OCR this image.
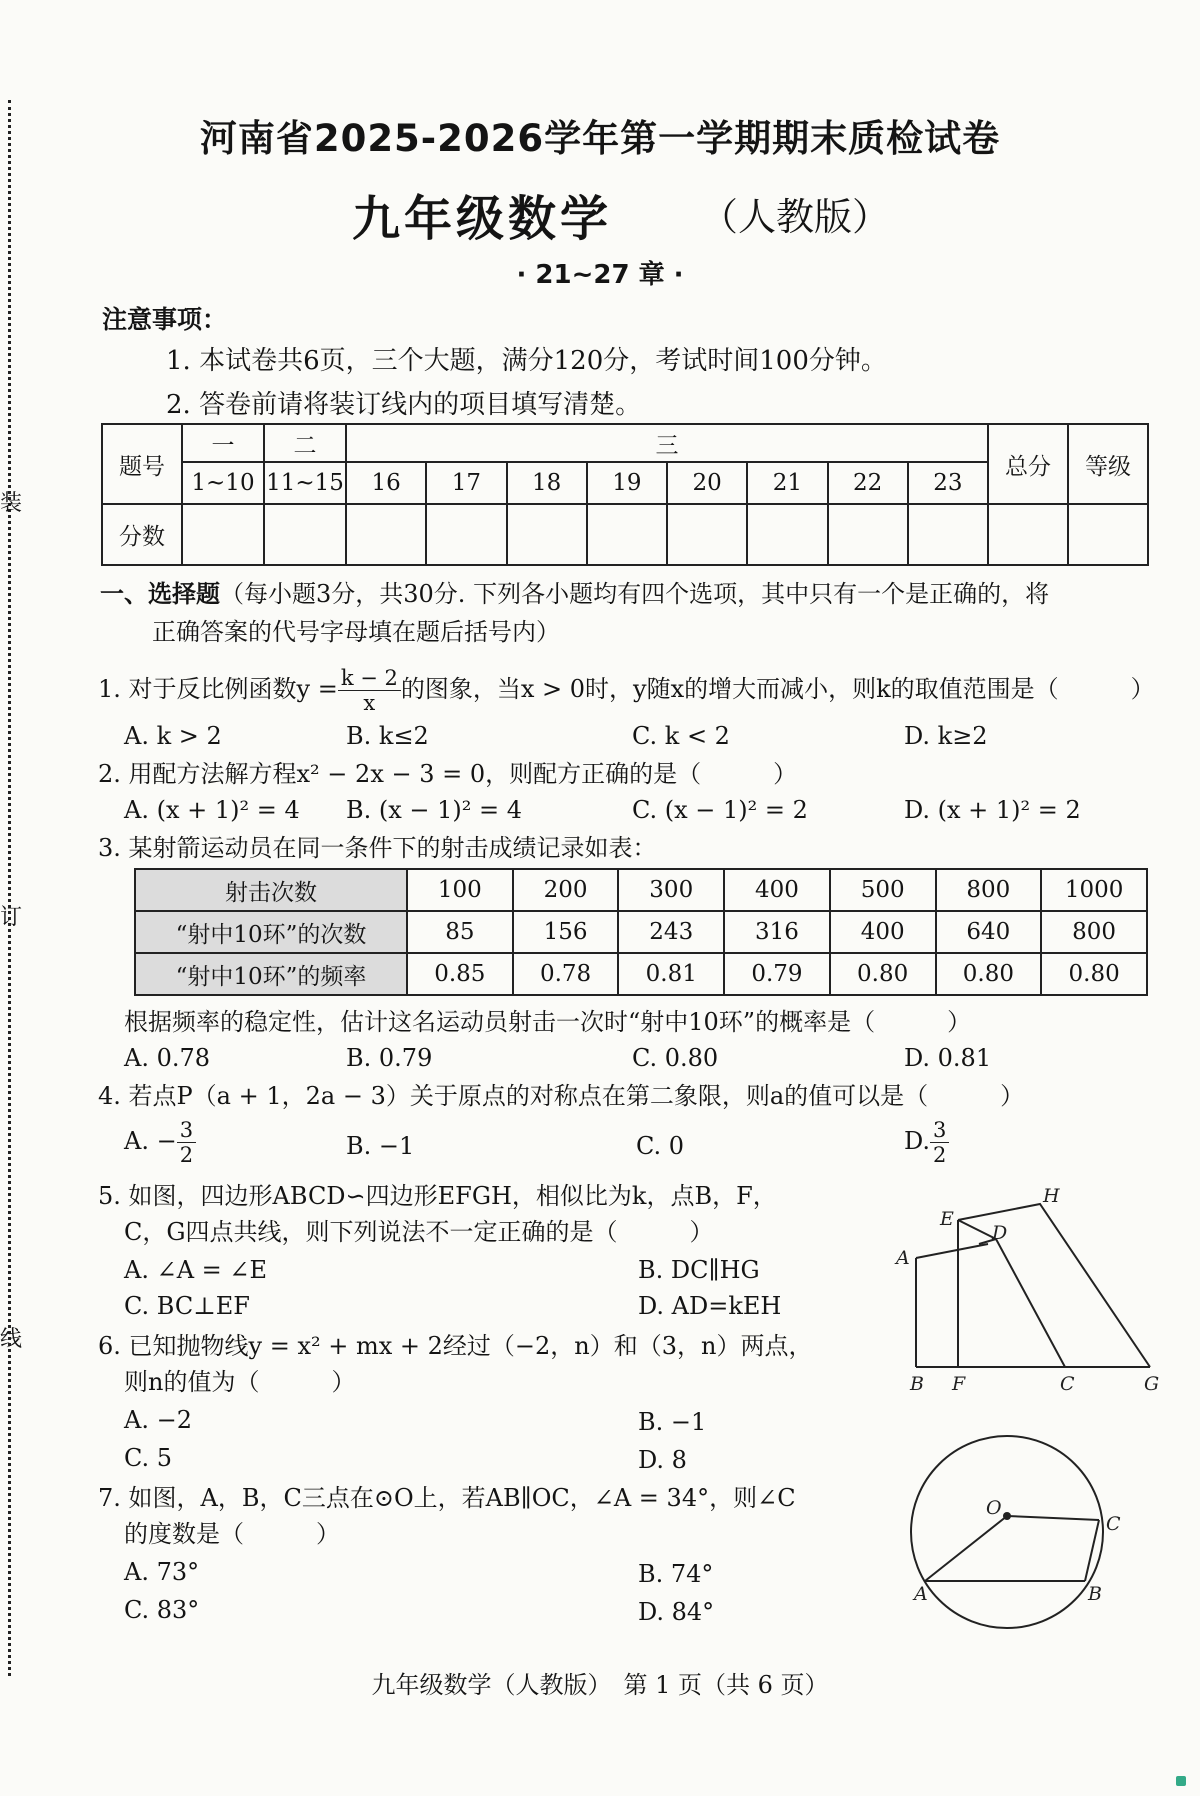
装
订
线
河南省2025-2026学年第一学期期末质检试卷
九年级数学 （人教版）
· 21~27 章 ·
注意事项：
1. 本试卷共6页，三个大题，满分120分，考试时间100分钟。
2. 答卷前请将装订线内的项目填写清楚。
题号	一	二	三								总分	等级
	1~10	11~15	16	17	18	19	20	21	22	23		
分数												
一、选择题（每小题3分，共30分. 下列各小题均有四个选项，其中只有一个是正确的，将
正确答案的代号字母填在题后括号内）
1. 对于反比例函数$y = \frac{k - 2}{x}$ 的图象，当x > 0时，y随x的增大而减小，则k的取值范围是（　　　）
A. k > 2	B. k≤2	C. k < 2	D. k≥2
2. 用配方法解方程x² − 2x − 3 = 0，则配方正确的是（　　　）
A. (x + 1)² = 4 B. (x − 1)² = 4	C. (x − 1)² = 2	D. (x + 1)² = 2
3. 某射箭运动员在同一条件下的射击成绩记录如表：
射击次数	100	200	300	400	500	800	1000
“射中10环”的次数	85	156	243	316	400	640	800
“射中10环”的频率	0.85	0.78	0.81	0.79	0.80	0.80	0.80
根据频率的稳定性，估计这名运动员射击一次时“射中10环”的概率是（　　　）
A. 0.78	B. 0.79	C. 0.80	D. 0.81
4. 若点P（a + 1，2a − 3）关于原点的对称点在第二象限，则a的值可以是（　　　）
A. − $\frac{3}{2}$	B. −1	C. 0	D. $\frac{3}{2}$
5. 如图，四边形ABCD∽四边形EFGH，相似比为k，点B，F，
C，G四点共线，则下列说法不一定正确的是（　　　）
A. ∠A = ∠E	B. DC∥HG
C. BC⊥EF	D. AD=kEH
H
E
D
A
B F	C	G
6. 已知抛物线y = x² + mx + 2经过（−2，n）和（3，n）两点，
则n的值为（　　　）
A. −2	B. −1
C. 5	D. 8
7. 如图，A，B，C三点在⊙O上，若AB∥OC，∠A = 34°，则∠C
的度数是（　　　）
A. 73°	B. 74°
C. 83°	D. 84°
O
C
A	B
九年级数学（人教版）　第 1 页（共 6 页）
